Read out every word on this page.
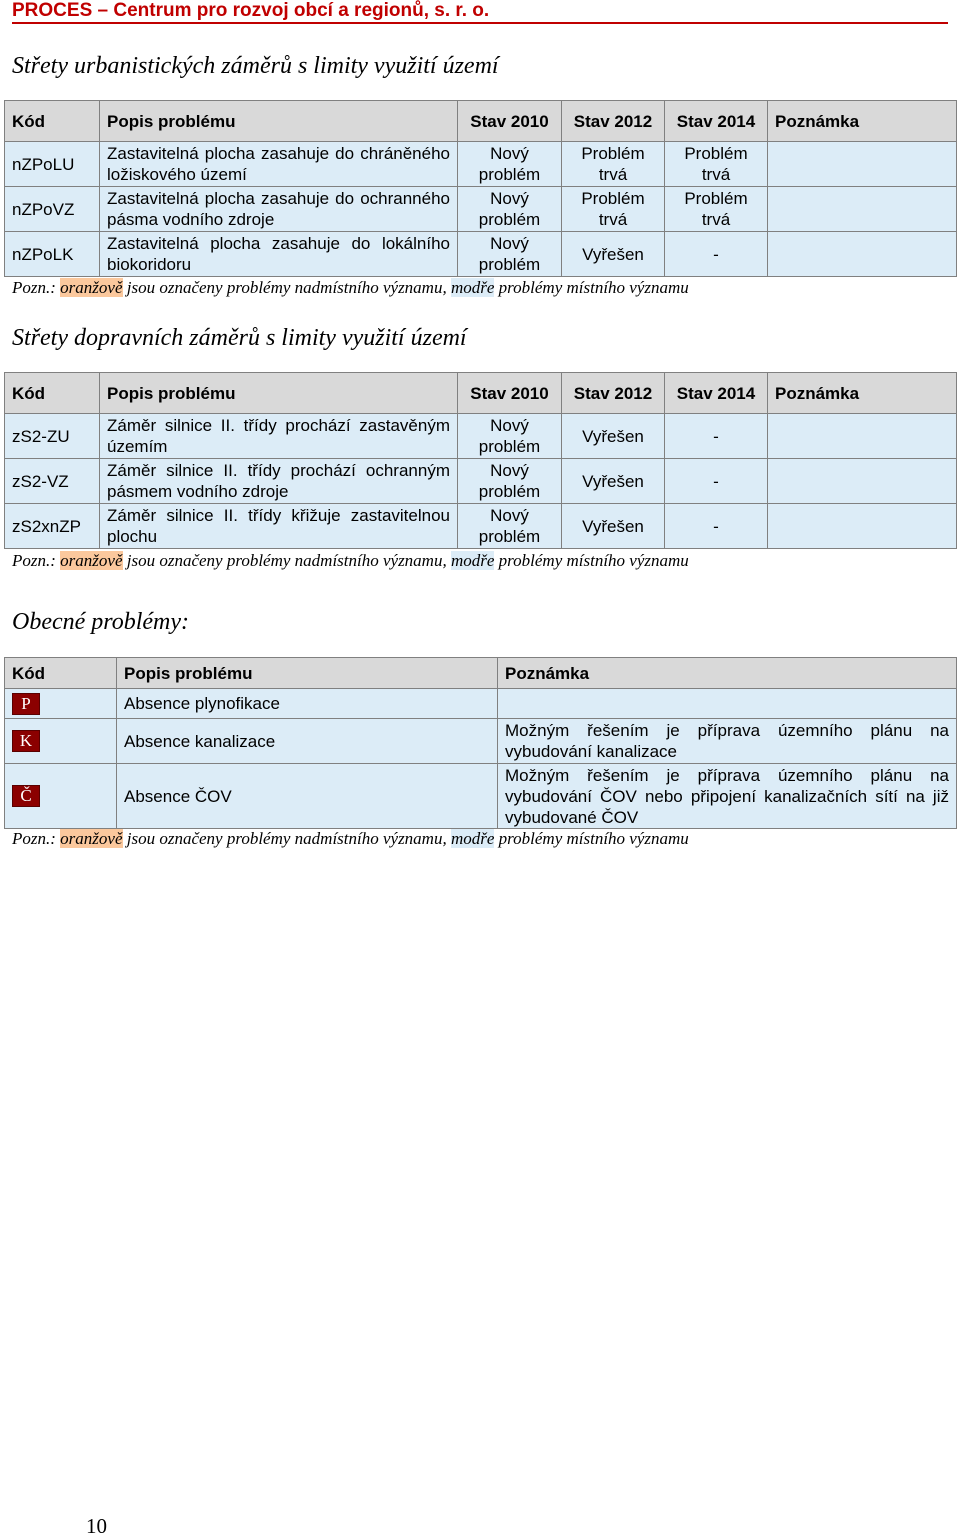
PROCES – Centrum pro rozvoj obcí a regionů, s. r. o.
Střety urbanistických záměrů s limity využití území
Kód	Popis problému	Stav 2010	Stav 2012	Stav 2014	Poznámka
nZPoLU	Zastavitelná plocha zasahuje do chráněného ložiskového území	Nový problém	Problém trvá	Problém trvá	
nZPoVZ	Zastavitelná plocha zasahuje do ochranného pásma vodního zdroje	Nový problém	Problém trvá	Problém trvá	
nZPoLK	Zastavitelná plocha zasahuje do lokálního biokoridoru	Nový problém	Vyřešen	-	
Pozn.: oranžově jsou označeny problémy nadmístního významu, modře problémy místního významu
Střety dopravních záměrů s limity využití území
Kód	Popis problému	Stav 2010	Stav 2012	Stav 2014	Poznámka
zS2-ZU	Záměr silnice II. třídy prochází zastavěným územím	Nový problém	Vyřešen	-	
zS2-VZ	Záměr silnice II. třídy prochází ochranným pásmem vodního zdroje	Nový problém	Vyřešen	-	
zS2xnZP	Záměr silnice II. třídy křižuje zastavitelnou plochu	Nový problém	Vyřešen	-	
Pozn.: oranžově jsou označeny problémy nadmístního významu, modře problémy místního významu
Obecné problémy:
Kód	Popis problému	Poznámka
P	Absence plynofikace	
K	Absence kanalizace	Možným řešením je příprava územního plánu na vybudování kanalizace
Č	Absence ČOV	Možným řešením je příprava územního plánu na vybudování ČOV nebo připojení kanalizačních sítí na již vybudované ČOV
Pozn.: oranžově jsou označeny problémy nadmístního významu, modře problémy místního významu
10
